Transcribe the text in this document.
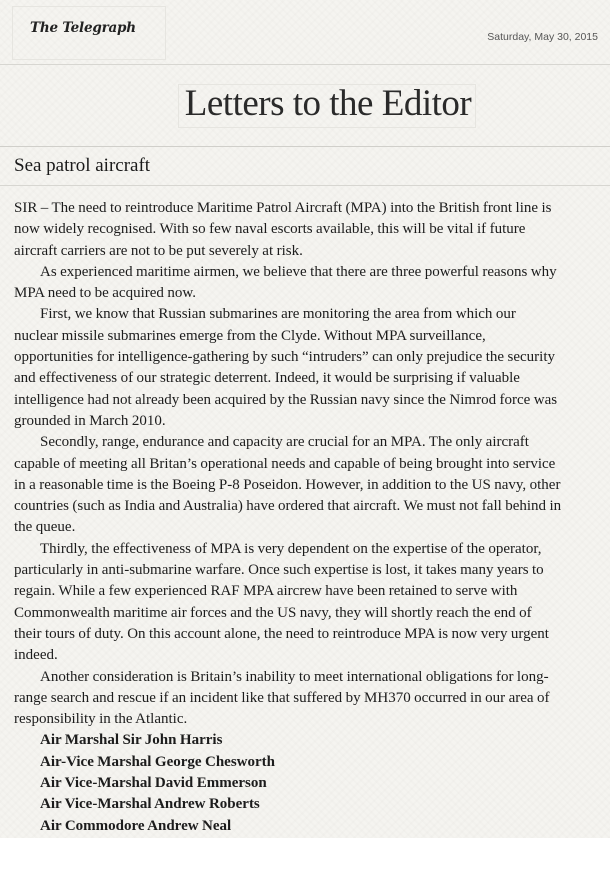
The Telegraph
Saturday, May 30, 2015
Letters to the Editor
Sea patrol aircraft

SIR – The need to reintroduce Maritime Patrol Aircraft (MPA) into the British front line is now widely recognised. With so few naval escorts available, this will be vital if future aircraft carriers are not to be put severely at risk.

As experienced maritime airmen, we believe that there are three powerful reasons why MPA need to be acquired now.

First, we know that Russian submarines are monitoring the area from which our nuclear missile submarines emerge from the Clyde. Without MPA surveillance, opportunities for intelligence-gathering by such “intruders” can only prejudice the security and effectiveness of our strategic deterrent. Indeed, it would be surprising if valuable intelligence had not already been acquired by the Russian navy since the Nimrod force was grounded in March 2010.

Secondly, range, endurance and capacity are crucial for an MPA. The only aircraft capable of meeting all Britan’s operational needs and capable of being brought into service in a reasonable time is the Boeing P-8 Poseidon. However, in addition to the US navy, other countries (such as India and Australia) have ordered that aircraft. We must not fall behind in the queue.

Thirdly, the effectiveness of MPA is very dependent on the expertise of the operator, particularly in anti-submarine warfare. Once such expertise is lost, it takes many years to regain. While a few experienced RAF MPA aircrew have been retained to serve with Commonwealth maritime air forces and the US navy, they will shortly reach the end of their tours of duty. On this account alone, the need to reintroduce MPA is now very urgent indeed.

Another consideration is Britain’s inability to meet international obligations for long-range search and rescue if an incident like that suffered by MH370 occurred in our area of responsibility in the Atlantic.

Air Marshal Sir John Harris
Air-Vice Marshal George Chesworth
Air Vice-Marshal David Emmerson
Air Vice-Marshal Andrew Roberts
Air Commodore Andrew Neal
